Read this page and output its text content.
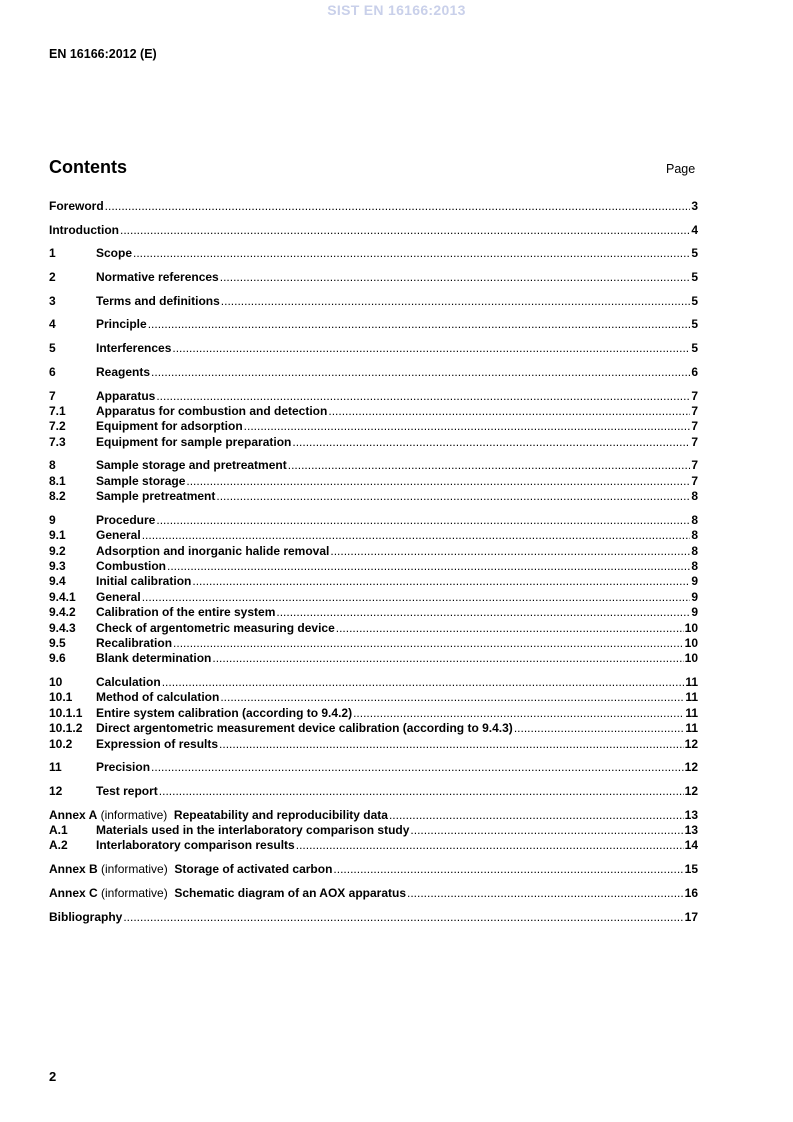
SIST EN 16166:2013
EN 16166:2012 (E)
Contents	Page
Foreword .....	3
Introduction .....	4
1	Scope .....	5
2	Normative references .....	5
3	Terms and definitions .....	5
4	Principle .....	5
5	Interferences .....	5
6	Reagents .....	6
7	Apparatus .....	7
7.1	Apparatus for combustion and detection .....	7
7.2	Equipment for adsorption .....	7
7.3	Equipment for sample preparation .....	7
8	Sample storage and pretreatment .....	7
8.1	Sample storage .....	7
8.2	Sample pretreatment .....	8
9	Procedure .....	8
9.1	General .....	8
9.2	Adsorption and inorganic halide removal .....	8
9.3	Combustion .....	8
9.4	Initial calibration .....	9
9.4.1	General .....	9
9.4.2	Calibration of the entire system .....	9
9.4.3	Check of argentometric measuring device .....	10
9.5	Recalibration .....	10
9.6	Blank determination .....	10
10	Calculation .....	11
10.1	Method of calculation .....	11
10.1.1	Entire system calibration (according to 9.4.2) .....	11
10.1.2	Direct argentometric measurement device calibration (according to 9.4.3) .....	11
10.2	Expression of results .....	12
11	Precision .....	12
12	Test report .....	12
Annex A (informative)  Repeatability and reproducibility data .....	13
A.1	Materials used in the interlaboratory comparison study .....	13
A.2	Interlaboratory comparison results .....	14
Annex B (informative)  Storage of activated carbon .....	15
Annex C (informative)  Schematic diagram of an AOX apparatus .....	16
Bibliography .....	17
2
